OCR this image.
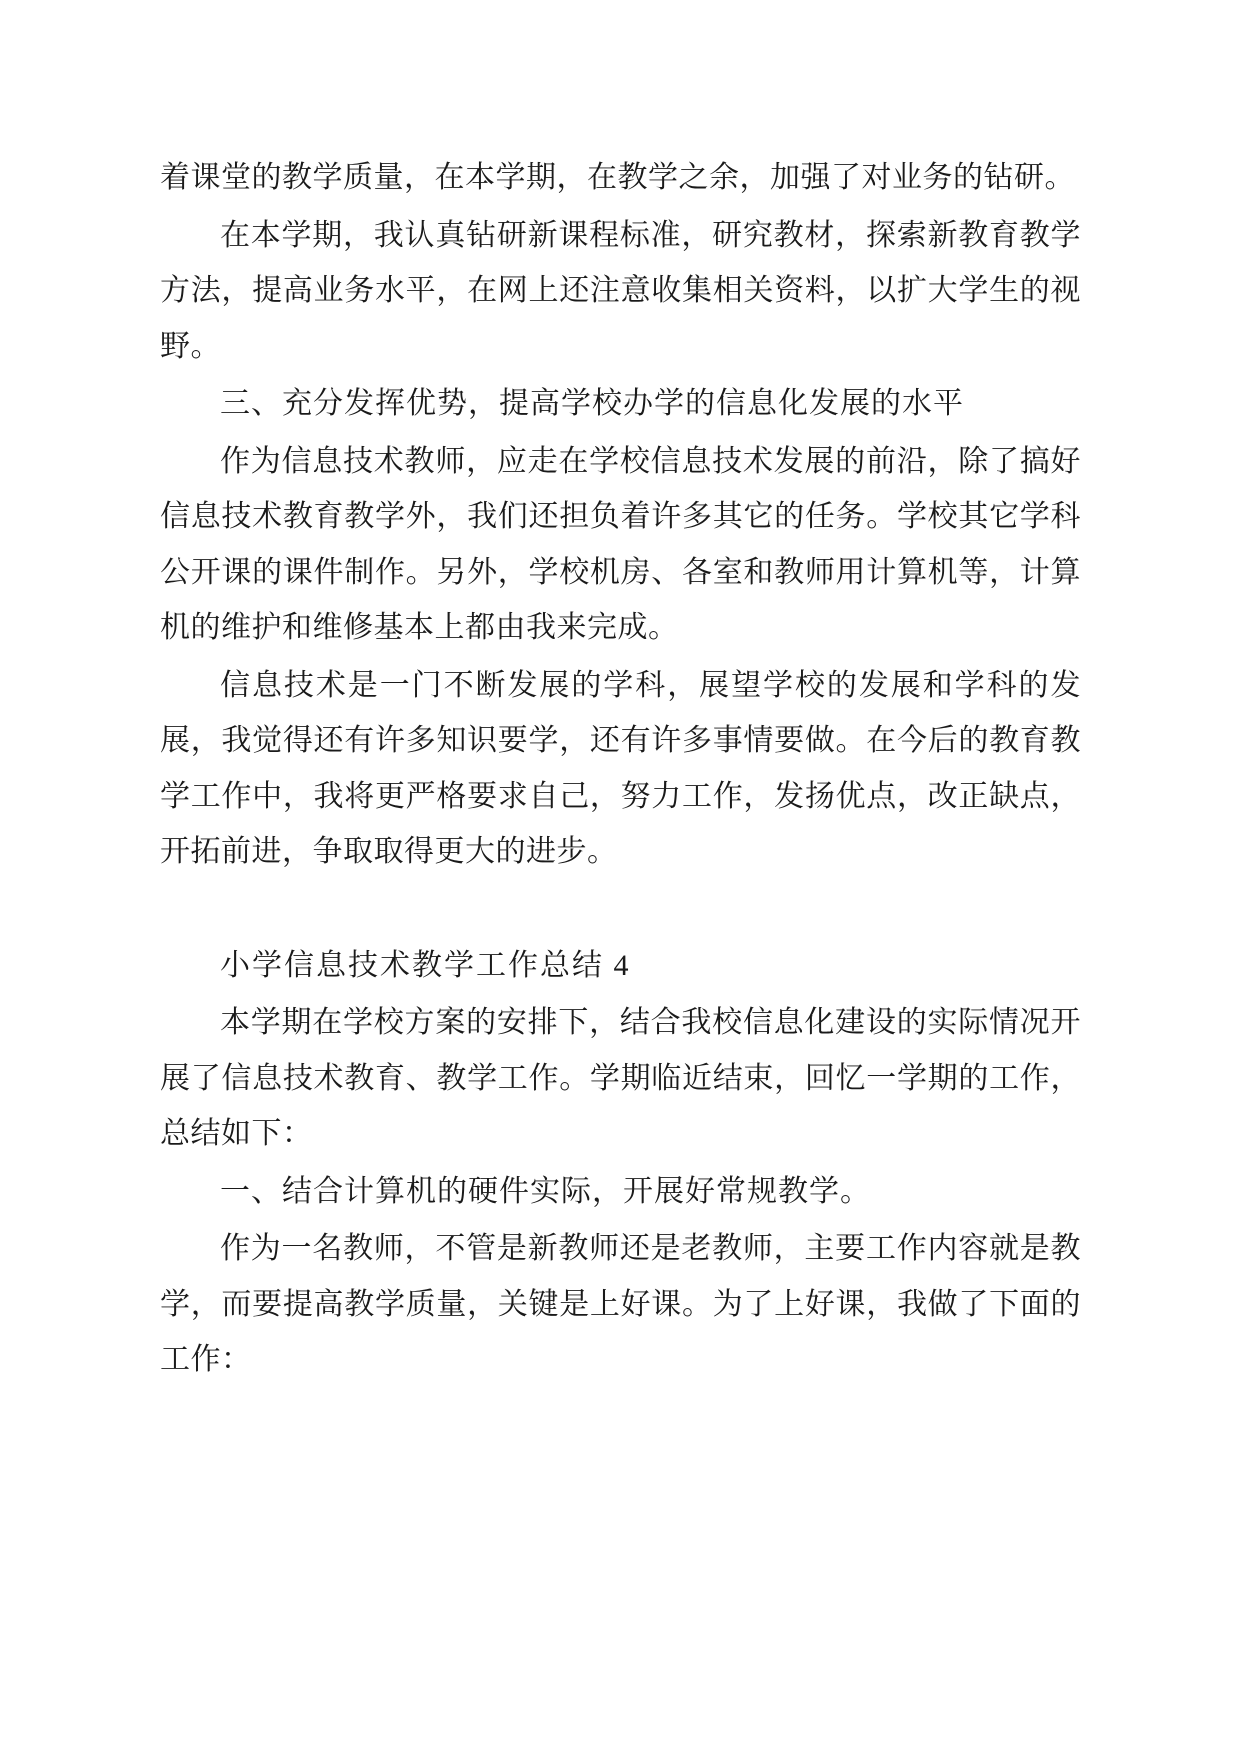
着课堂的教学质量，在本学期，在教学之余，加强了对业务的钻研。

在本学期，我认真钻研新课程标准，研究教材，探索新教育教学方法，提高业务水平，在网上还注意收集相关资料，以扩大学生的视野。

三、充分发挥优势，提高学校办学的信息化发展的水平

作为信息技术教师，应走在学校信息技术发展的前沿，除了搞好信息技术教育教学外，我们还担负着许多其它的任务。学校其它学科公开课的课件制作。另外，学校机房、各室和教师用计算机等，计算机的维护和维修基本上都由我来完成。

信息技术是一门不断发展的学科，展望学校的发展和学科的发展，我觉得还有许多知识要学，还有许多事情要做。在今后的教育教学工作中，我将更严格要求自己，努力工作，发扬优点，改正缺点，开拓前进，争取取得更大的进步。

小学信息技术教学工作总结 4

本学期在学校方案的安排下，结合我校信息化建设的实际情况开展了信息技术教育、教学工作。学期临近结束，回忆一学期的工作，总结如下：

一、结合计算机的硬件实际，开展好常规教学。

作为一名教师，不管是新教师还是老教师，主要工作内容就是教学，而要提高教学质量，关键是上好课。为了上好课，我做了下面的工作：
